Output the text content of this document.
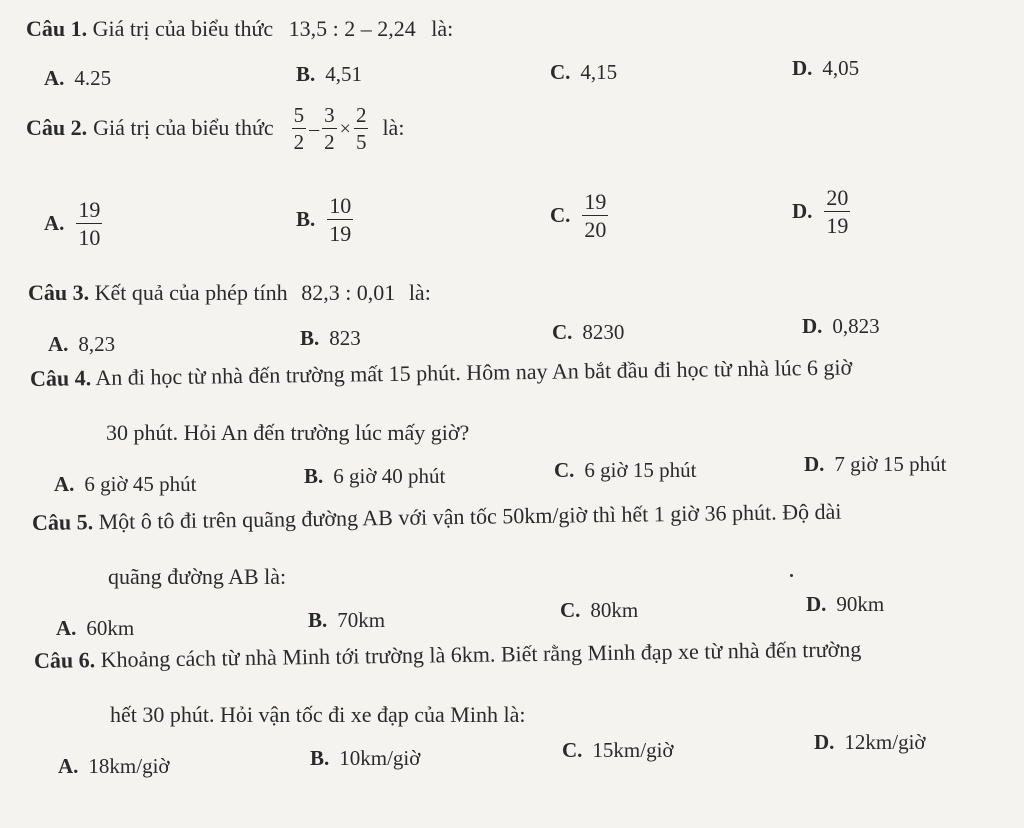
Câu 1. Giá trị của biểu thức 13,5 : 2 – 2,24 là:
A. 4.25	B. 4,51	C. 4,15	D. 4,05
Câu 2. Giá trị của biểu thức $\frac{5}{2} - \frac{3}{2} \times \frac{2}{5}$ là:
A. $\frac{19}{10}$	B. $\frac{10}{19}$	C. $\frac{19}{20}$	D. $\frac{20}{19}$
Câu 3. Kết quả của phép tính 82,3 : 0,01 là:
A. 8,23	B. 823	C. 8230	D. 0,823
Câu 4. An đi học từ nhà đến trường mất 15 phút. Hôm nay An bắt đầu đi học từ nhà lúc 6 giờ
30 phút. Hỏi An đến trường lúc mấy giờ?
A. 6 giờ 45 phút	B. 6 giờ 40 phút	C. 6 giờ 15 phút	D. 7 giờ 15 phút
Câu 5. Một ô tô đi trên quãng đường AB với vận tốc 50km/giờ thì hết 1 giờ 36 phút. Độ dài
quãng đường AB là:
A. 60km	B. 70km	C. 80km	D. 90km
Câu 6. Khoảng cách từ nhà Minh tới trường là 6km. Biết rằng Minh đạp xe từ nhà đến trường
hết 30 phút. Hỏi vận tốc đi xe đạp của Minh là:
A. 18km/giờ	B. 10km/giờ	C. 15km/giờ	D. 12km/giờ
